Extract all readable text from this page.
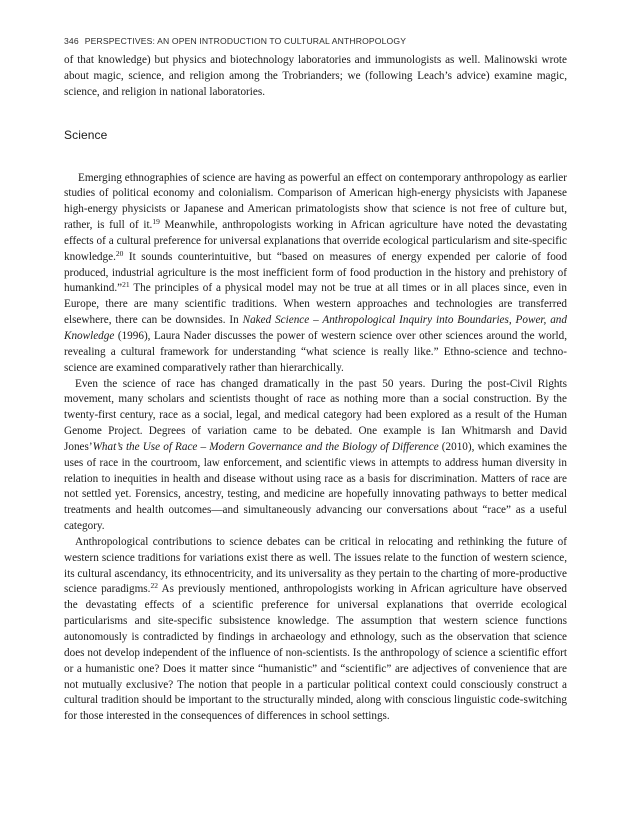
346 PERSPECTIVES: AN OPEN INTRODUCTION TO CULTURAL ANTHROPOLOGY

of that knowledge) but physics and biotechnology laboratories and immunologists as well. Malinowski wrote about magic, science, and religion among the Trobrianders; we (following Leach’s advice) examine magic, science, and religion in national laboratories.

Science

Emerging ethnographies of science are having as powerful an effect on contemporary anthropology as earlier studies of political economy and colonialism. Comparison of American high-energy physicists with Japanese high-energy physicists or Japanese and American primatologists show that science is not free of culture but, rather, is full of it.$^{19}$ Meanwhile, anthropologists working in African agriculture have noted the devastating effects of a cultural preference for universal explanations that override ecological particularism and site-specific knowledge.$^{20}$ It sounds counterintuitive, but “based on measures of energy expended per calorie of food produced, industrial agriculture is the most inefficient form of food production in the history and prehistory of humankind.”$^{21}$ The principles of a physical model may not be true at all times or in all places since, even in Europe, there are many scientific traditions. When western approaches and technologies are transferred elsewhere, there can be downsides. In Naked Science – Anthropological Inquiry into Boundaries, Power, and Knowledge (1996), Laura Nader discusses the power of western science over other sciences around the world, revealing a cultural framework for understanding “what science is really like.” Ethno-science and techno-science are examined comparatively rather than hierarchically.

Even the science of race has changed dramatically in the past 50 years. During the post-Civil Rights movement, many scholars and scientists thought of race as nothing more than a social construction. By the twenty-first century, race as a social, legal, and medical category had been explored as a result of the Human Genome Project. Degrees of variation came to be debated. One example is Ian Whitmarsh and David Jones’What’s the Use of Race – Modern Governance and the Biology of Difference (2010), which examines the uses of race in the courtroom, law enforcement, and scientific views in attempts to address human diversity in relation to inequities in health and disease without using race as a basis for discrimination. Matters of race are not settled yet. Forensics, ancestry, testing, and medicine are hopefully innovating pathways to better medical treatments and health outcomes—and simultaneously advancing our conversations about “race” as a useful category.

Anthropological contributions to science debates can be critical in relocating and rethinking the future of western science traditions for variations exist there as well. The issues relate to the function of western science, its cultural ascendancy, its ethnocentricity, and its universality as they pertain to the charting of more-productive science paradigms.$^{22}$ As previously mentioned, anthropologists working in African agriculture have observed the devastating effects of a scientific preference for universal explanations that override ecological particularisms and site-specific subsistence knowledge. The assumption that western science functions autonomously is contradicted by findings in archaeology and ethnology, such as the observation that science does not develop independent of the influence of non-scientists. Is the anthropology of science a scientific effort or a humanistic one? Does it matter since “humanistic” and “scientific” are adjectives of convenience that are not mutually exclusive? The notion that people in a particular political context could consciously construct a cultural tradition should be important to the structurally minded, along with conscious linguistic code-switching for those interested in the consequences of differences in school settings.
